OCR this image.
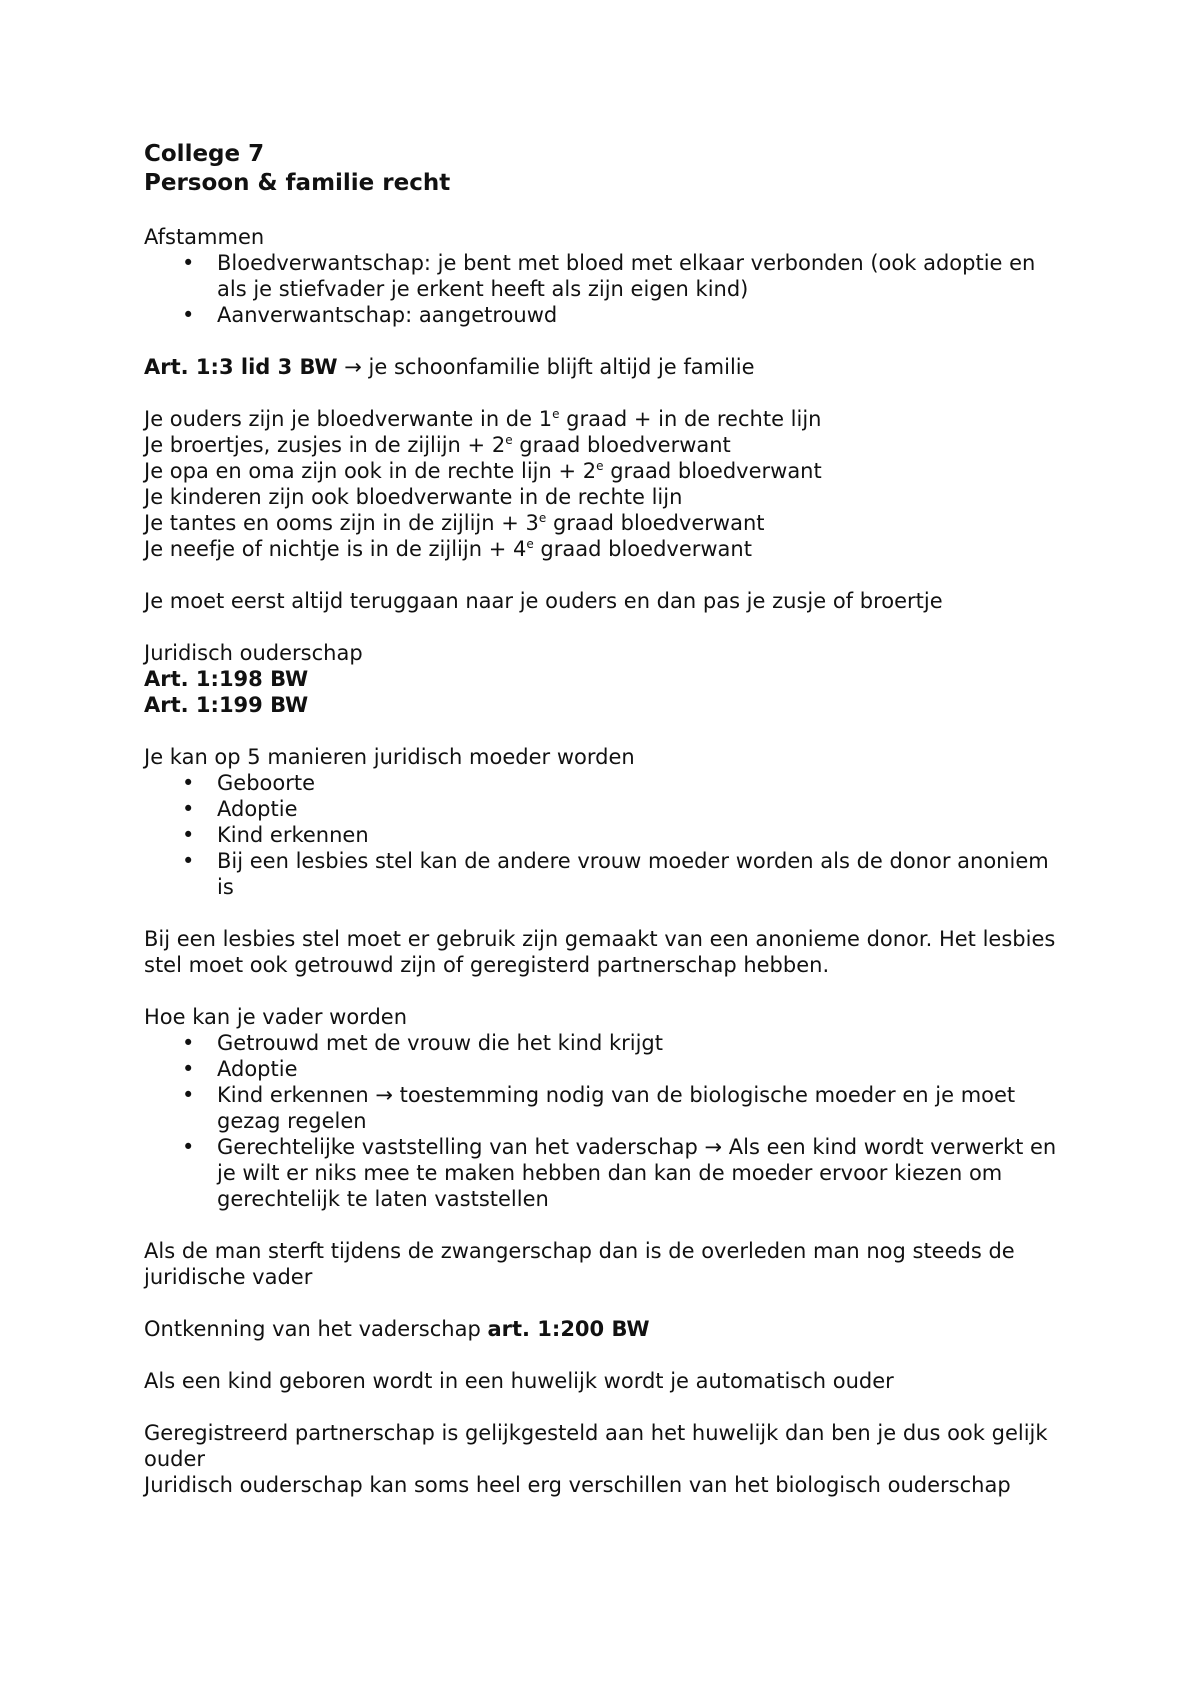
College 7

Persoon & familie recht

Afstammen

• Bloedverwantschap: je bent met bloed met elkaar verbonden (ook adoptie en als je stiefvader je erkent heeft als zijn eigen kind)
• Aanverwantschap: aangetrouwd

Art. 1:3 lid 3 BW → je schoonfamilie blijft altijd je familie

Je ouders zijn je bloedverwante in de 1e graad + in de rechte lijn

Je broertjes, zusjes in de zijlijn + $2^e$ graad bloedverwant

Je opa en oma zijn ook in de rechte lijn + $2^e$ graad bloedverwant

Je kinderen zijn ook bloedverwante in de rechte lijn

Je tantes en ooms zijn in de zijlijn + $3^e$ graad bloedverwant

Je neefje of nichtje is in de zijlijn + $4^e$ graad bloedverwant

Je moet eerst altijd teruggaan naar je ouders en dan pas je zusje of broertje

Juridisch ouderschap

Art. 1:198 BW

Art. 1:199 BW

Je kan op 5 manieren juridisch moeder worden

• Geboorte
• Adoptie
• Kind erkennen
• Bij een lesbies stel kan de andere vrouw moeder worden als de donor anoniem is

Bij een lesbies stel moet er gebruik zijn gemaakt van een anonieme donor. Het lesbies stel moet ook getrouwd zijn of geregisterd partnerschap hebben.

Hoe kan je vader worden

• Getrouwd met de vrouw die het kind krijgt
• Adoptie
• Kind erkennen → toestemming nodig van de biologische moeder en je moet gezag regelen
• Gerechtelijke vaststelling van het vaderschap → Als een kind wordt verwerkt en je wilt er niks mee te maken hebben dan kan de moeder ervoor kiezen om gerechtelijk te laten vaststellen

Als de man sterft tijdens de zwangerschap dan is de overleden man nog steeds de juridische vader

Ontkenning van het vaderschap art. 1:200 BW

Als een kind geboren wordt in een huwelijk wordt je automatisch ouder

Geregistreerd partnerschap is gelijkgesteld aan het huwelijk dan ben je dus ook gelijk ouder

Juridisch ouderschap kan soms heel erg verschillen van het biologisch ouderschap
